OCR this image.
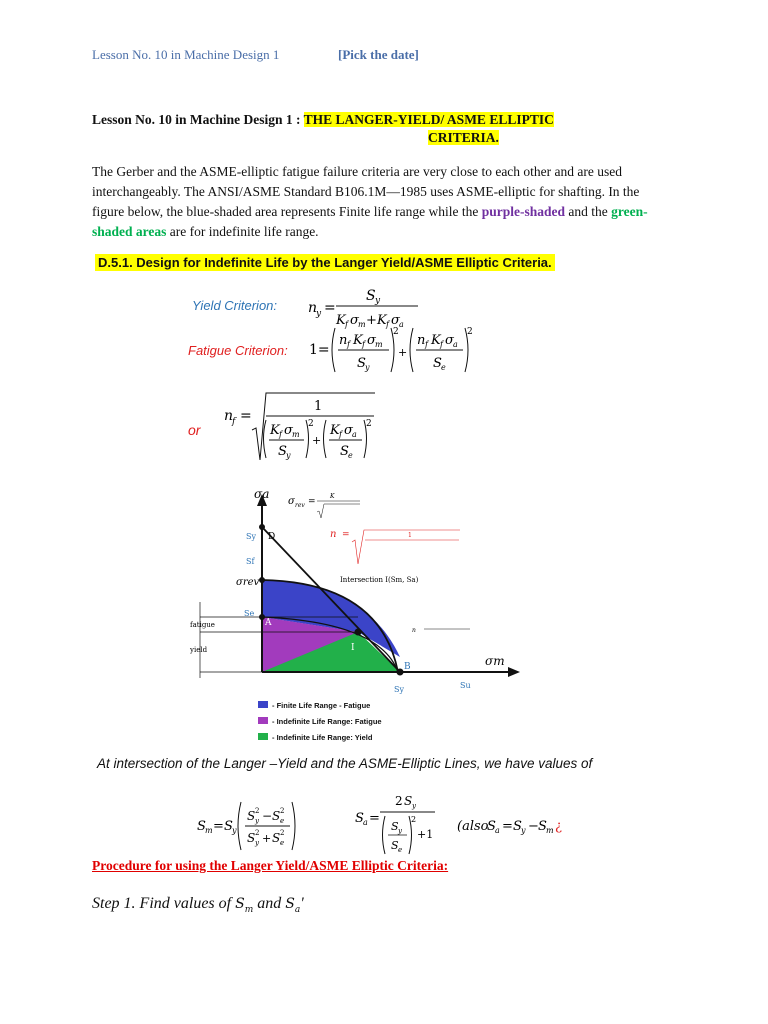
Lesson No. 10 in Machine Design 1	[Pick the date]
Lesson No. 10 in Machine Design 1 : THE LANGER-YIELD/ ASME ELLIPTIC
CRITERIA.
The Gerber and the ASME-elliptic fatigue failure criteria are very close to each other and are used interchangeably. The ANSI/ASME Standard B106.1M—1985 uses ASME-elliptic for shafting. In the figure below, the blue-shaded area represents Finite life range while the purple-shaded and the green-shaded areas are for indefinite life range.
D.5.1. Design for Indefinite Life by the Langer Yield/ASME Elliptic Criteria.
Yield Criterion:
Fatigue Criterion:
or
n
y =
S y
K f σ m + K f σ a
1=
n f K f σ m
S y
2
+
n f K f σ a
S e
2
n
f =
1
K f σ m
S y
2
+
K f σ a
S e
2
σa
σm
D
A
B
I
Sy
Sf
σrev
Se
fatigue
yield
Sy	Su
Intersection I(Sm, Sa)
σ rev =
K
n =	1
n
- Finite Life Range - Fatigue
- Indefinite Life Range: Fatigue
- Indefinite Life Range: Yield
At intersection of the Langer –Yield and the ASME-Elliptic Lines, we have values of
S m = S y
S 2
y − S 2
e
S 2
y + S 2
e
S a =
2 S y
S y
S e
2
+1
(also
S a = S y − S m ¿
Procedure for using the Langer Yield/ASME Elliptic Criteria:
Step 1. Find values of $S_m$ and $S_a'$
